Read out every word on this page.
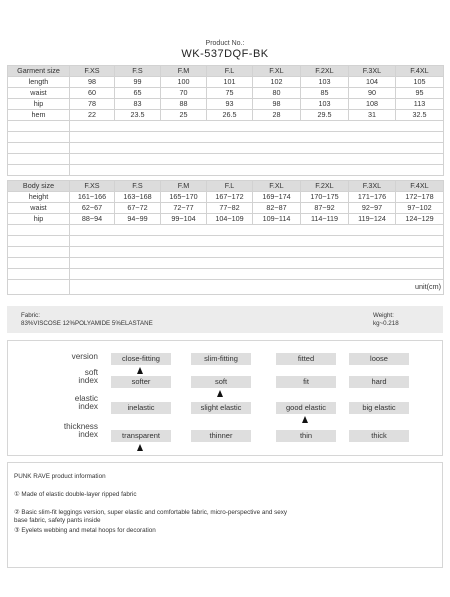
Product No.:
WK-537DQF-BK
Garment size	F.XS	F.S	F.M	F.L	F.XL	F.2XL	F.3XL	F.4XL
length	98	99	100	101	102	103	104	105
waist	60	65	70	75	80	85	90	95
hip	78	83	88	93	98	103	108	113
hem	22	23.5	25	26.5	28	29.5	31	32.5

Body size	F.XS	F.S	F.M	F.L	F.XL	F.2XL	F.3XL	F.4XL
height	161~166	163~168	165~170	167~172	169~174	170~175	171~176	172~178
waist	62~67	67~72	72~77	77~82	82~87	87~92	92~97	97~102
hip	88~94	94~99	99~104	104~109	109~114	114~119	119~124	124~129

	unit(cm)							
Fabric:
83%VISCOSE 12%POLYAMIDE 5%ELASTANE
Weight:
kg~0.218
version	close-fitting	slim-fitting	fitted	loose
soft
index	softer	soft	fit	hard
elastic
index	inelastic	slight elastic	good elastic	big elastic
thickness
index	transparent	thinner	thin	thick
PUNK RAVE product information
① Made of elastic double-layer ripped fabric
② Basic slim-fit leggings version, super elastic and comfortable fabric, micro-perspective and sexy
base fabric, safety pants inside
③ Eyelets webbing and metal hoops for decoration
